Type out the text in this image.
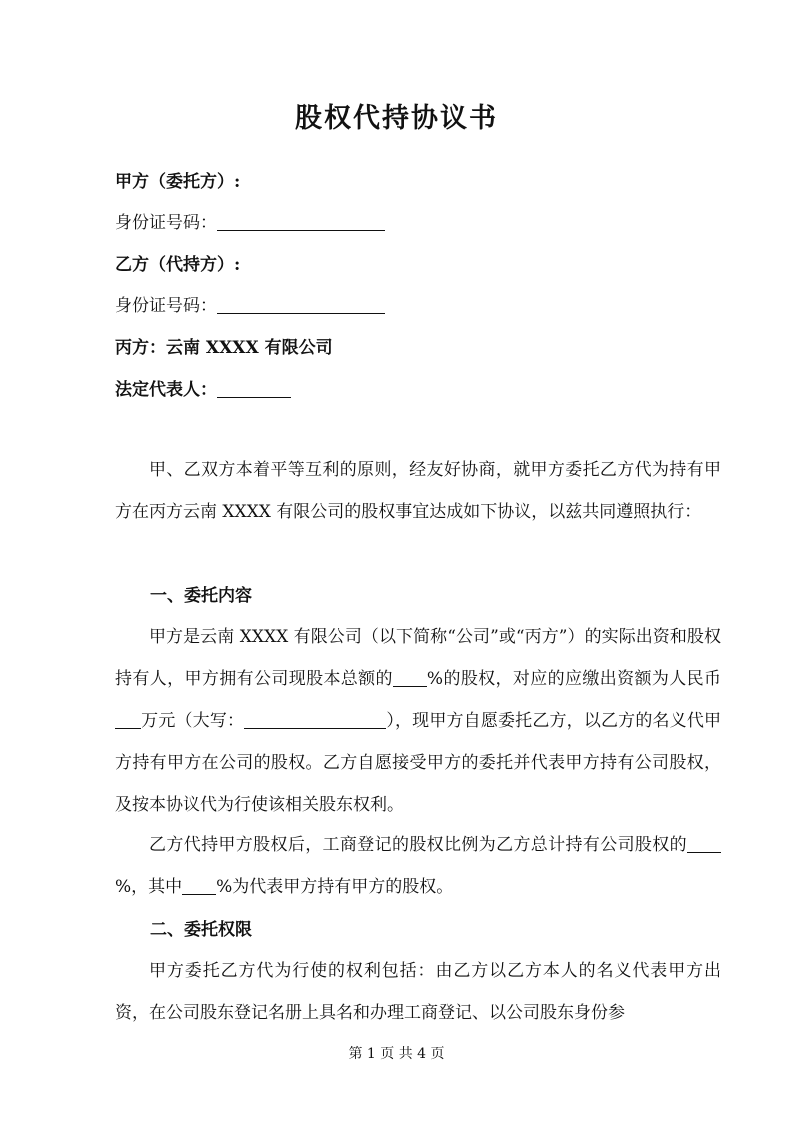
股权代持协议书
甲方（委托方）:
身份证号码：
乙方（代持方）:
身份证号码：
丙方：云南 XXXX 有限公司
法定代表人：
甲、乙双方本着平等互利的原则，经友好协商，就甲方委托乙方代为持有甲方在丙方云南 XXXX 有限公司的股权事宜达成如下协议，以兹共同遵照执行：
一、委托内容
甲方是云南 XXXX 有限公司（以下简称“公司”或“丙方”）的实际出资和股权持有人，甲方拥有公司现股本总额的 %的股权，对应的应缴出资额为人民币万元（大写：	），现甲方自愿委托乙方，以乙方的名义代甲方持有甲方在公司的股权。乙方自愿接受甲方的委托并代表甲方持有公司股权，及按本协议代为行使该相关股东权利。
乙方代持甲方股权后，工商登记的股权比例为乙方总计持有公司股权的%，其中 %为代表甲方持有甲方的股权。
二、委托权限
甲方委托乙方代为行使的权利包括：由乙方以乙方本人的名义代表甲方出资，在公司股东登记名册上具名和办理工商登记、以公司股东身份参
第 1 页 共 4 页
